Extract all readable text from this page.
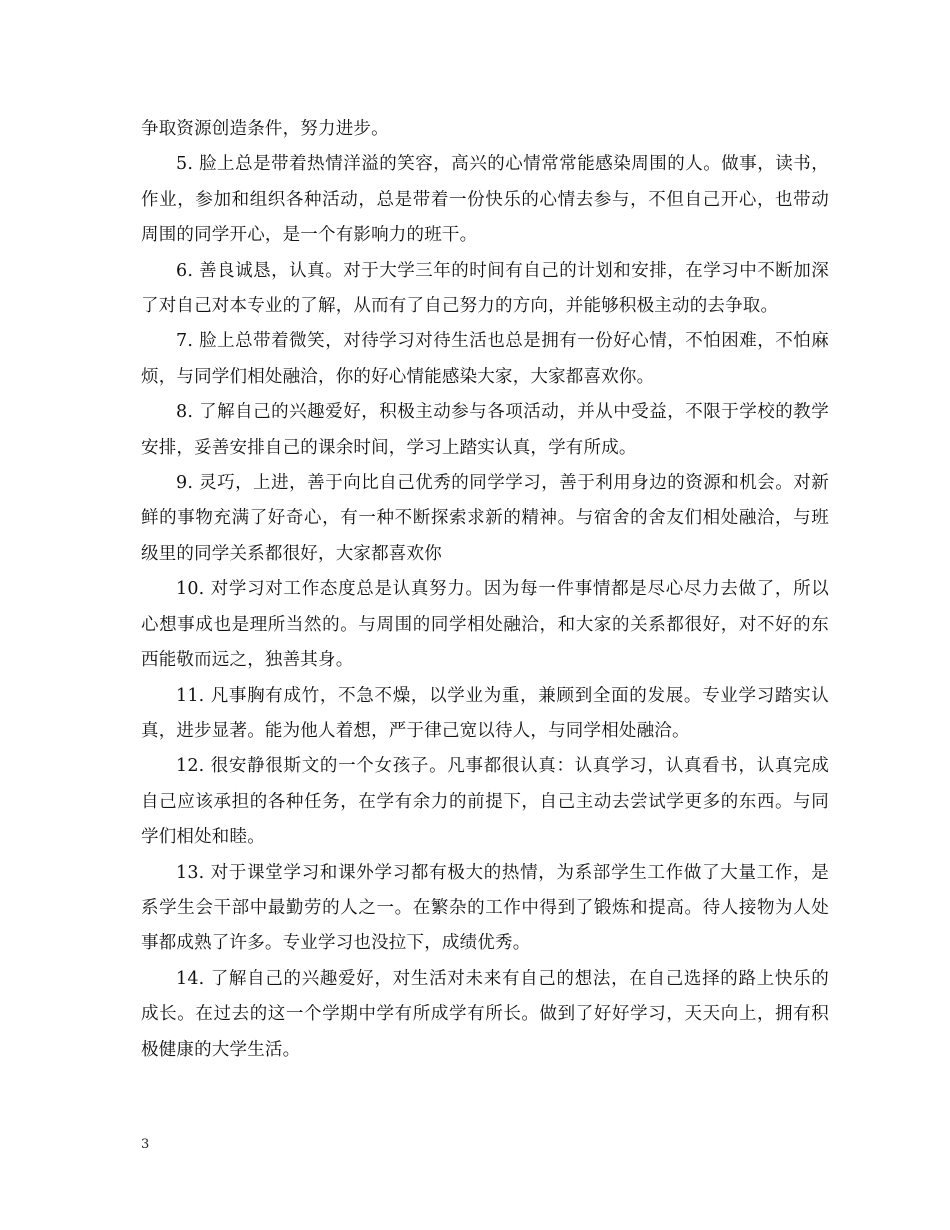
争取资源创造条件，努力进步。

5. 脸上总是带着热情洋溢的笑容，高兴的心情常常能感染周围的人。做事，读书，作业，参加和组织各种活动，总是带着一份快乐的心情去参与，不但自己开心，也带动周围的同学开心，是一个有影响力的班干。

6. 善良诚恳，认真。对于大学三年的时间有自己的计划和安排，在学习中不断加深了对自己对本专业的了解，从而有了自己努力的方向，并能够积极主动的去争取。

7. 脸上总带着微笑，对待学习对待生活也总是拥有一份好心情，不怕困难，不怕麻烦，与同学们相处融洽，你的好心情能感染大家，大家都喜欢你。

8. 了解自己的兴趣爱好，积极主动参与各项活动，并从中受益，不限于学校的教学安排，妥善安排自己的课余时间，学习上踏实认真，学有所成。

9. 灵巧，上进，善于向比自己优秀的同学学习，善于利用身边的资源和机会。对新鲜的事物充满了好奇心，有一种不断探索求新的精神。与宿舍的舍友们相处融洽，与班级里的同学关系都很好，大家都喜欢你

10. 对学习对工作态度总是认真努力。因为每一件事情都是尽心尽力去做了，所以心想事成也是理所当然的。与周围的同学相处融洽，和大家的关系都很好，对不好的东西能敬而远之，独善其身。

11. 凡事胸有成竹，不急不燥，以学业为重，兼顾到全面的发展。专业学习踏实认真，进步显著。能为他人着想，严于律己宽以待人，与同学相处融洽。

12. 很安静很斯文的一个女孩子。凡事都很认真：认真学习，认真看书，认真完成自己应该承担的各种任务，在学有余力的前提下，自己主动去尝试学更多的东西。与同学们相处和睦。

13. 对于课堂学习和课外学习都有极大的热情，为系部学生工作做了大量工作，是系学生会干部中最勤劳的人之一。在繁杂的工作中得到了锻炼和提高。待人接物为人处事都成熟了许多。专业学习也没拉下，成绩优秀。

14. 了解自己的兴趣爱好，对生活对未来有自己的想法，在自己选择的路上快乐的成长。在过去的这一个学期中学有所成学有所长。做到了好好学习，天天向上，拥有积极健康的大学生活。

3
